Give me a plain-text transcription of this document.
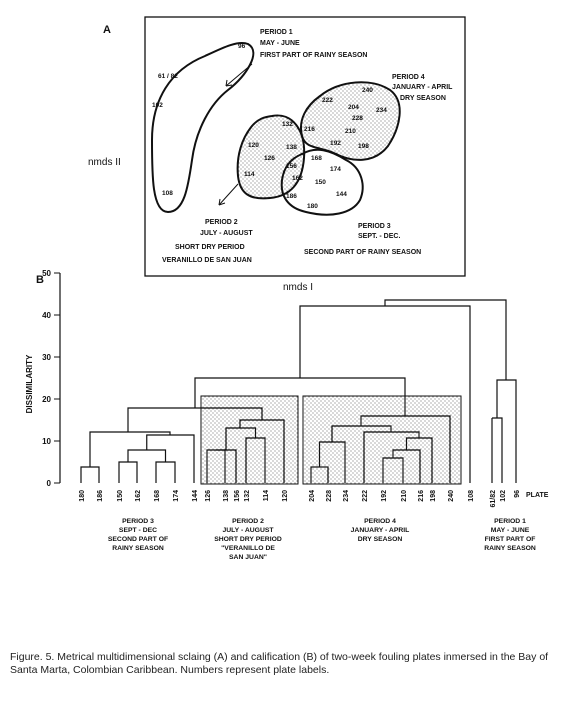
A
nmds II
nmds I
PERIOD 1
MAY - JUNE
FIRST PART OF RAINY SEASON
PERIOD 4
JANUARY - APRIL
DRY SEASON
PERIOD 2
JULY - AUGUST
SHORT DRY PERIOD
VERANILLO DE SAN JUAN
PERIOD 3
SEPT. - DEC.
SECOND PART OF RAINY SEASON
96
61 / 82
102
108
132
120
126
114
138
156
168
162
174
150
144
186
180
222
240
204	234
228
216	210
192	198
B
DISSIMILARITY
0
10
20
30
40
50
180 186 150 162 168 174 144 126 138 156 132 114 120	204 228 234 222 192 210 216 198 240 108 61/82 102 96 PLATE
PERIOD 3
SEPT - DEC
SECOND PART OF
RAINY SEASON
PERIOD 2
JULY - AUGUST
SHORT DRY PERIOD
"VERANILLO DE
SAN JUAN"
PERIOD 4
JANUARY - APRIL
DRY SEASON
PERIOD 1
MAY - JUNE
FIRST PART OF
RAINY SEASON
Figure. 5. Metrical multidimensional sclaing (A) and calification (B) of two-week fouling plates inmersed in the Bay of Santa Marta, Colombian Caribbean. Numbers represent plate labels.
